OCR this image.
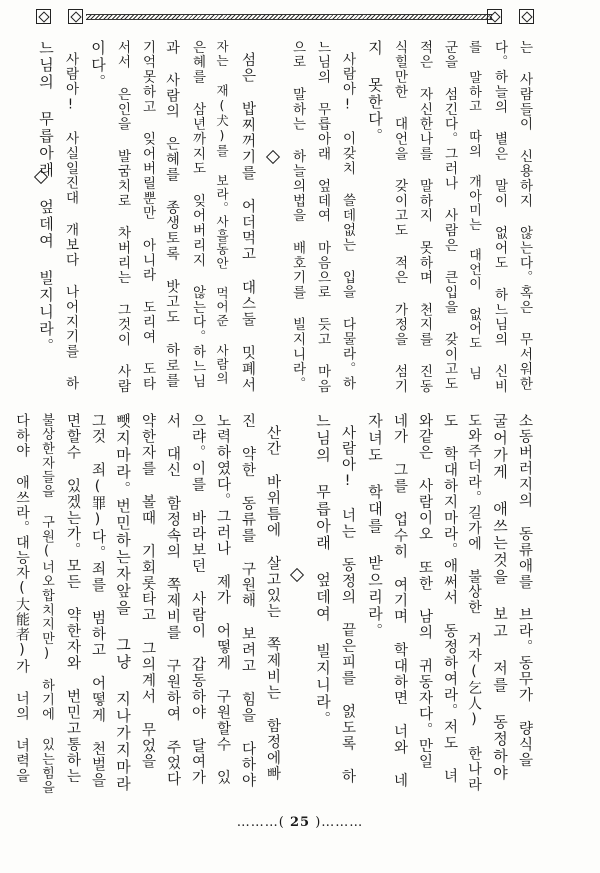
는 사람들이 신용하지 않는다。혹은 무서워한
다。하늘의 별은 말이 없어도 하느님의 신비
를 말하고 따의 개아미는 대언이 없어도 님
군을 섬긴다。그러나 사람은 큰입을 갖이고도
적은 자신한나를 말하지 못하며 천지를 진동
식힐만한 대언을 갖이고도 적은 가정을 섬기
지 못한다。
사람아! 이갖치 쓸데없는 입을 다물라。하
느님의 무릅아래 엎데여 마음으로 듯고 마음
으로 말하는 하늘의법을 배호기를 빌지니라。
섬은 밥찌꺼기를 어더먹고 대스둘 밋폐서
자는 재(犬)를 보라。사흘동안 먹어준 사람의
은혜를 삼년까지도 잊어버리지 않는다。하느님
과 사람의 은혜를 종생토록 밧고도 하로를
기억못하고 잊어버릴뿐만 아니라 도리여 도타
서서 은인을 발굼치로 차버리는 그것이 사람
이다。
사람아! 사실일진대 개보다 나어지기를 하
느님의 무릅아래 엎데여 빌지니라。
소동버러지의 동류애를 브라。동무가 량식을
굴어가게 애쓰는것을 보고 저를 동정하야
도와주더라。길가에 불상한 거자(乞人) 한나라
도 학대하지마라。애써서 동정하여라。저도 녀
와같은 사람이오 또한 남의 귀동자다。만일
네가 그를 업수히 여기며 학대하면 너와 네
자녀도 학대를 받으리라。
사람아! 너는 동정의 끝은피를 엀도록 하
느님의 무릅아래 엎데여 빌지니라。
산간 바위틈에 살고있는 쪽제비는 함정에빠
진 약한 동류를 구원해 보려고 힘을 다하야
노력하였다。그러나 제가 어떻게 구원할수 있
으랴。이를 바라보던 사람이 갑동하야 달여가
서 대신 함정속의 쪽제비를 구원하여 주었다
약한자를 볼때 기회롯타고 그의계서 무었을
뺏지마라。번민하는자앞을 그냥 지나가지마라
그것 죄(罪)다。죄를 범하고 어떻게 천벌을
면할수 있겠는가。모든 약한자와 번민고통하는
불상한자들을 구원(너오합치지만) 하기에 있는힘을
다하야 애쓰라。대능자(大能者)가 너의 녀력을
………( 25 )………
